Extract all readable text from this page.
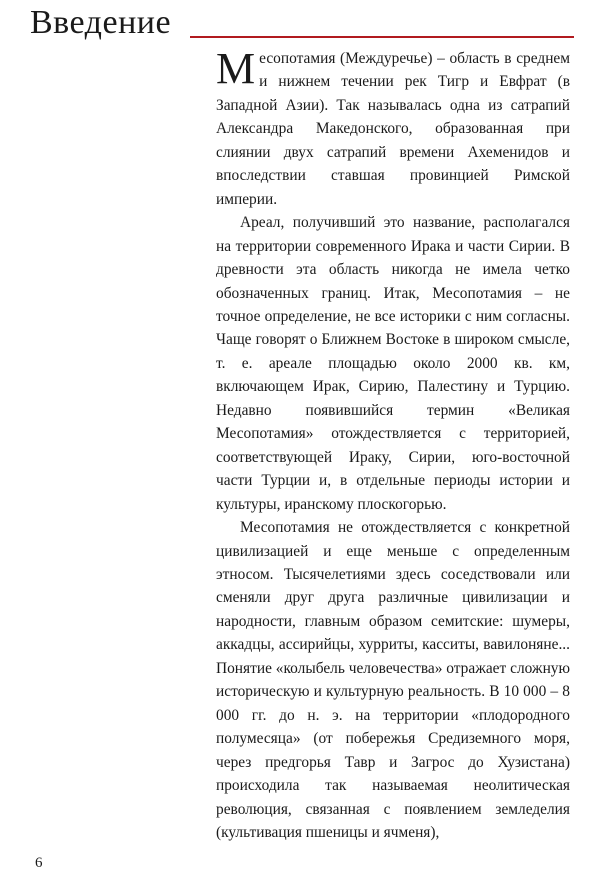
Введение

Месопотамия (Междуречье) – область в среднем и нижнем течении рек Тигр и Евфрат (в Западной Азии). Так называлась одна из сатрапий Александра Македонского, образованная при слиянии двух сатрапий времени Ахеменидов и впоследствии ставшая провинцией Римской империи.

Ареал, получивший это название, располагался на территории современного Ирака и части Сирии. В древности эта область никогда не имела четко обозначенных границ. Итак, Месопотамия – не точное определение, не все историки с ним согласны. Чаще говорят о Ближнем Востоке в широком смысле, т. е. ареале площадью около 2000 кв. км, включающем Ирак, Сирию, Палестину и Турцию. Недавно появившийся термин «Великая Месопотамия» отождествляется с территорией, соответствующей Ираку, Сирии, юго-восточной части Турции и, в отдельные периоды истории и культуры, иранскому плоскогорью.

Месопотамия не отождествляется с конкретной цивилизацией и еще меньше с определенным этносом. Тысячелетиями здесь соседствовали или сменяли друг друга различные цивилизации и народности, главным образом семитские: шумеры, аккадцы, ассирийцы, хурриты, касситы, вавилоняне... Понятие «колыбель человечества» отражает сложную историческую и культурную реальность. В 10 000 – 8 000 гг. до н. э. на территории «плодородного полумесяца» (от побережья Средиземного моря, через предгорья Тавр и Загрос до Хузистана) происходила так называемая неолитическая революция, связанная с появлением земледелия (культивация пшеницы и ячменя),

6
